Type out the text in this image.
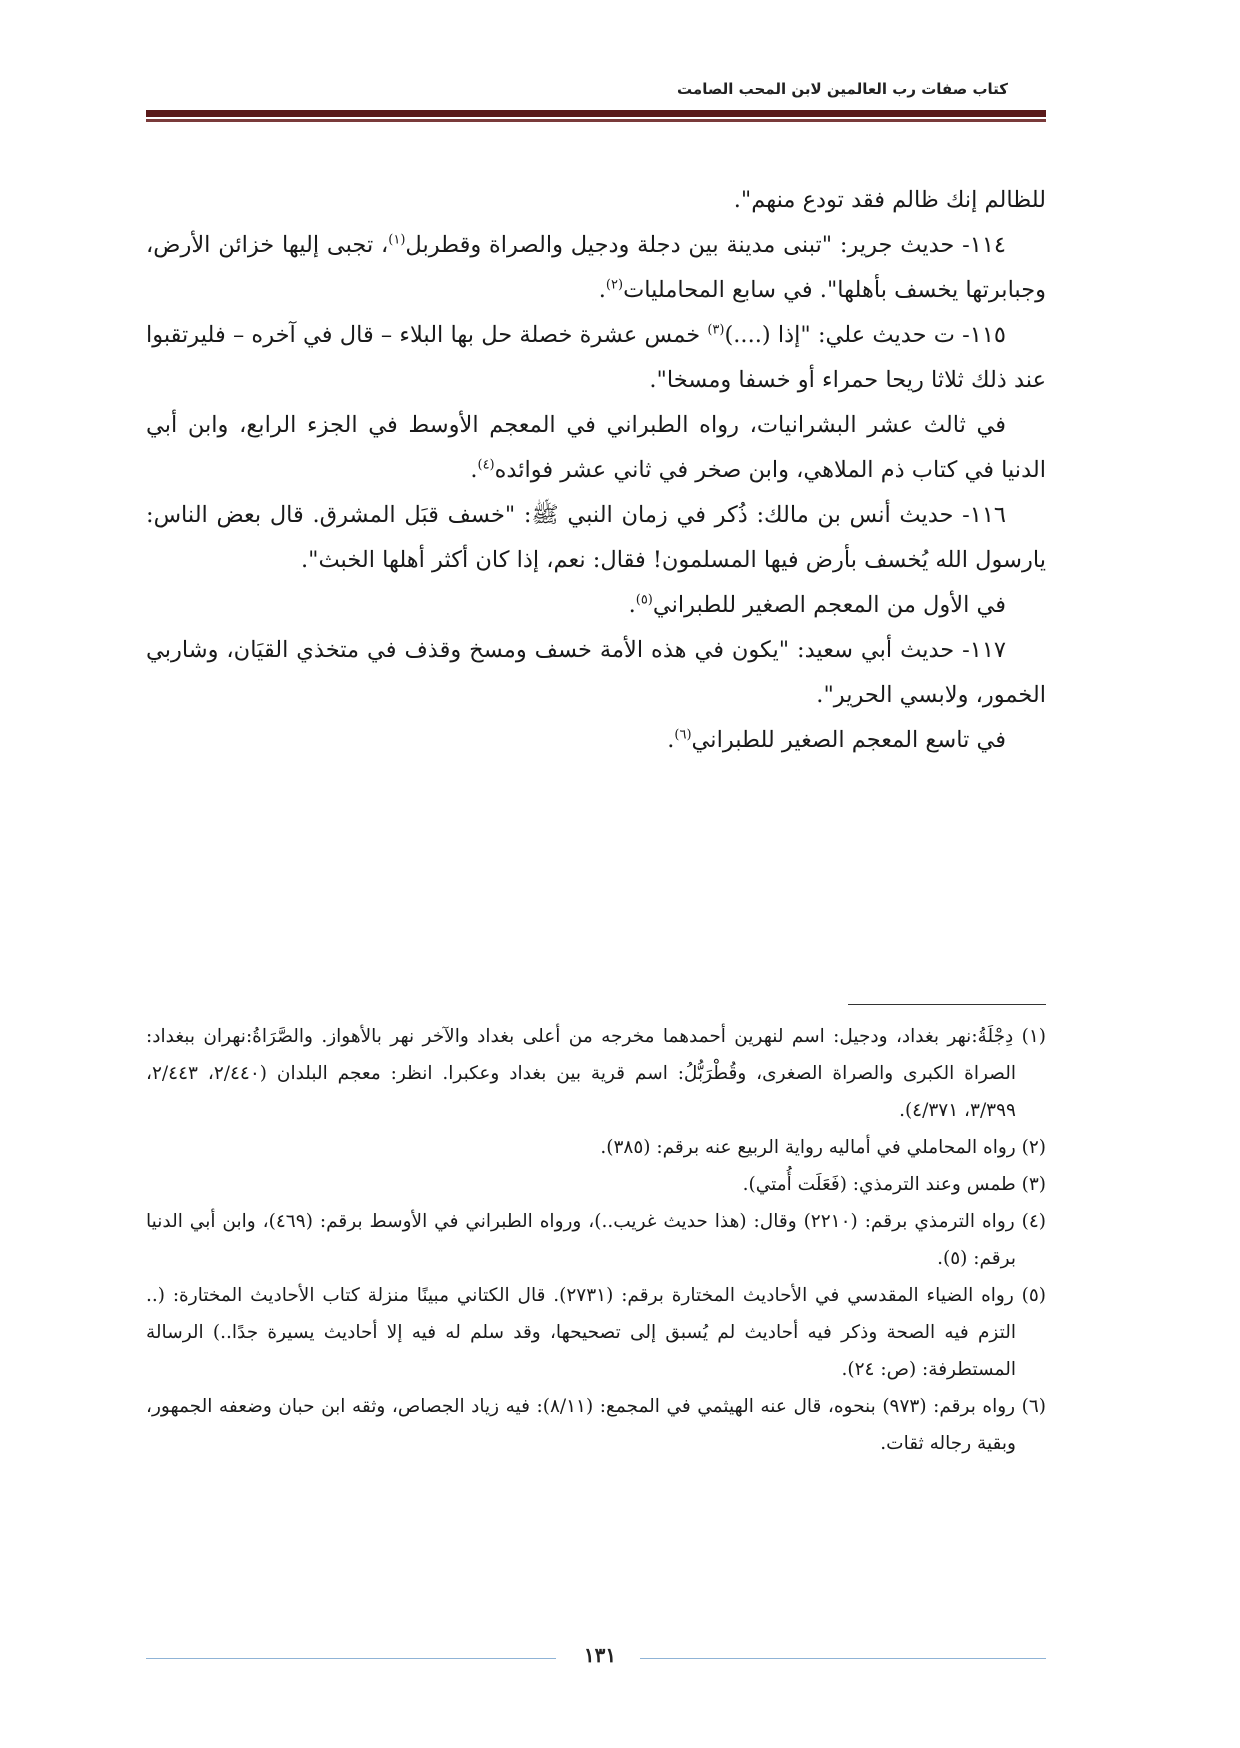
كتاب صفات رب العالمين لابن المحب الصامت

للظالم إنك ظالم فقد تودع منهم".

١١٤- حديث جرير: "تبنى مدينة بين دجلة ودجيل والصراة وقطربل$^{(١)}$، تجبى إليها خزائن الأرض، وجبابرتها يخسف بأهلها". في سابع المحامليات$^{(٢)}$.

١١٥- ت حديث علي: "إذا (....)$^{(٣)}$ خمس عشرة خصلة حل بها البلاء – قال في آخره – فليرتقبوا عند ذلك ثلاثا ريحا حمراء أو خسفا ومسخا".

في ثالث عشر البشرانيات، رواه الطبراني في المعجم الأوسط في الجزء الرابع، وابن أبي الدنيا في كتاب ذم الملاهي، وابن صخر في ثاني عشر فوائده$^{(٤)}$.

١١٦- حديث أنس بن مالك: ذُكر في زمان النبي ﷺ: "خسف قبَل المشرق. قال بعض الناس: يارسول الله يُخسف بأرض فيها المسلمون! فقال: نعم، إذا كان أكثر أهلها الخبث".

في الأول من المعجم الصغير للطبراني$^{(٥)}$.

١١٧- حديث أبي سعيد: "يكون في هذه الأمة خسف ومسخ وقذف في متخذي القيَان، وشاربي الخمور، ولابسي الحرير".

في تاسع المعجم الصغير للطبراني$^{(٦)}$.

(١) دِجْلَةُ:نهر بغداد، ودجيل: اسم لنهرين أحمدهما مخرجه من أعلى بغداد والآخر نهر بالأهواز. والصَّرَاةُ:نهران ببغداد: الصراة الكبرى والصراة الصغرى، وقُطْرَبُّلُ: اسم قرية بين بغداد وعكبرا. انظر: معجم البلدان (٢/٤٤٠، ٢/٤٤٣، ٣/٣٩٩، ٤/٣٧١).

(٢) رواه المحاملي في أماليه رواية الربيع عنه برقم: (٣٨٥).

(٣) طمس وعند الترمذي: (فَعَلَت أُمتي).

(٤) رواه الترمذي برقم: (٢٢١٠) وقال: (هذا حديث غريب..)، ورواه الطبراني في الأوسط برقم: (٤٦٩)، وابن أبي الدنيا برقم: (٥).

(٥) رواه الضياء المقدسي في الأحاديث المختارة برقم: (٢٧٣١). قال الكتاني مبينًا منزلة كتاب الأحاديث المختارة: (.. التزم فيه الصحة وذكر فيه أحاديث لم يُسبق إلى تصحيحها، وقد سلم له فيه إلا أحاديث يسيرة جدًا..) الرسالة المستطرفة: (ص: ٢٤).

(٦) رواه برقم: (٩٧٣) بنحوه، قال عنه الهيثمي في المجمع: (٨/١١): فيه زياد الجصاص، وثقه ابن حبان وضعفه الجمهور، وبقية رجاله ثقات.

١٣١
